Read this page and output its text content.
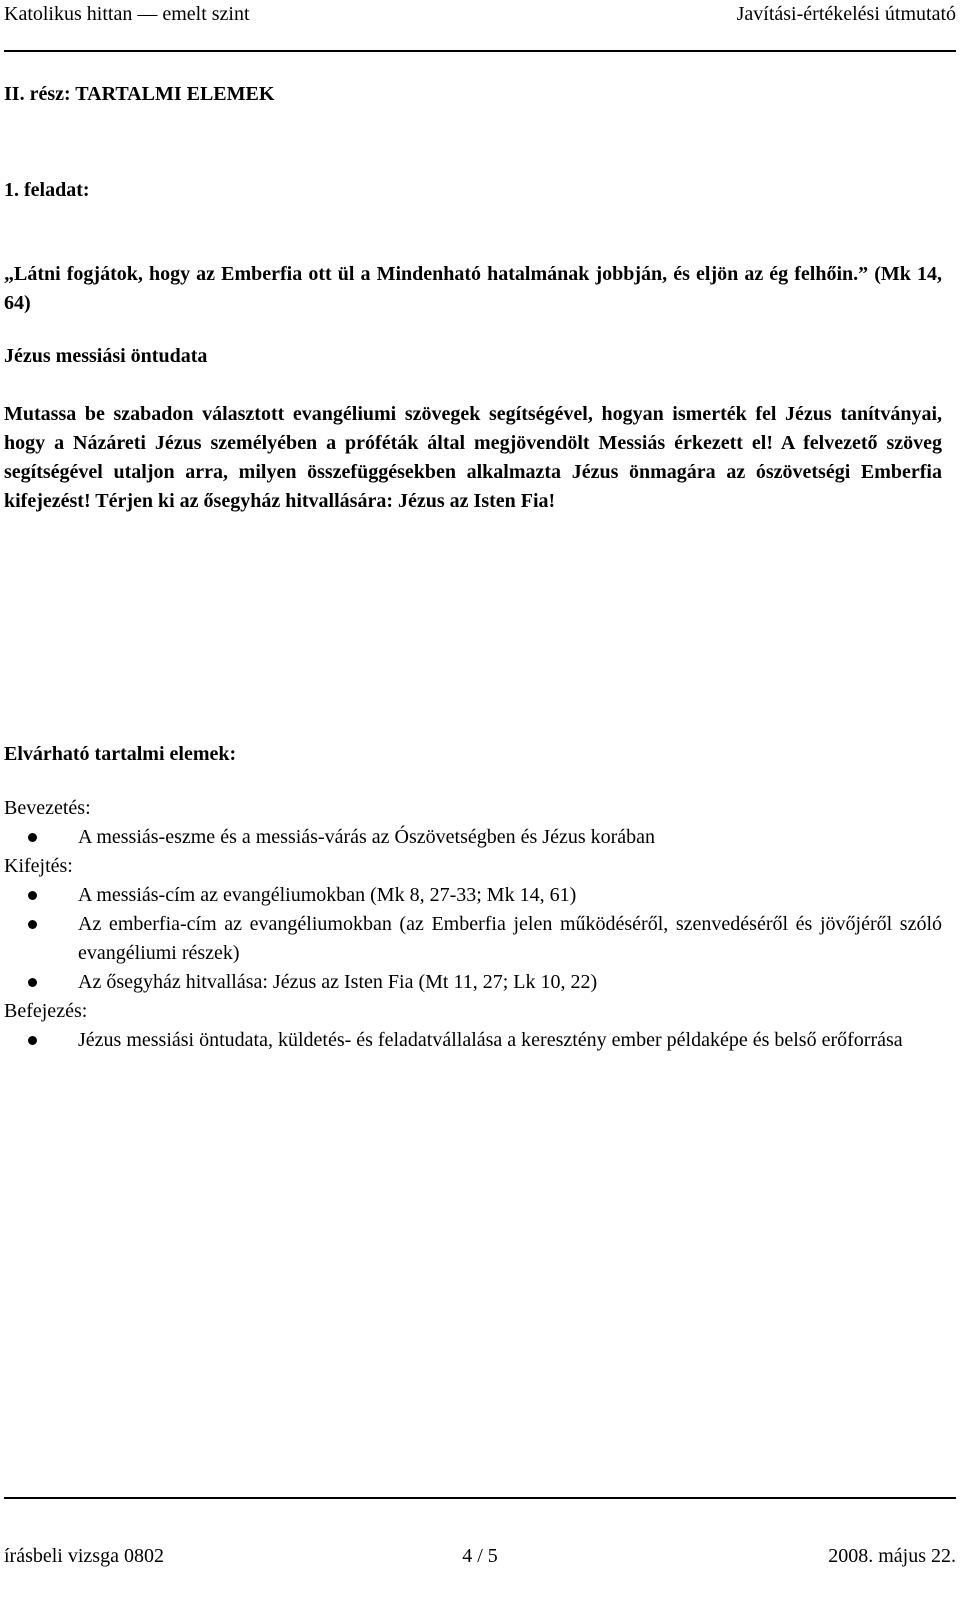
Katolikus hittan — emelt szint	Javítási-értékelési útmutató

II. rész: TARTALMI ELEMEK

1. feladat:

„Látni fogjátok, hogy az Emberfia ott ül a Mindenható hatalmának jobbján, és eljön az ég felhőin.” (Mk 14, 64)

Jézus messiási öntudata

Mutassa be szabadon választott evangéliumi szövegek segítségével, hogyan ismerték fel Jézus tanítványai, hogy a Názáreti Jézus személyében a próféták által megjövendölt Messiás érkezett el! A felvezető szöveg segítségével utaljon arra, milyen összefüggésekben alkalmazta Jézus önmagára az ószövetségi Emberfia kifejezést! Térjen ki az ősegyház hitvallására: Jézus az Isten Fia!

Elvárható tartalmi elemek:

Bevezetés:
A messiás-eszme és a messiás-várás az Ószövetségben és Jézus korában
Kifejtés:
A messiás-cím az evangéliumokban (Mk 8, 27-33; Mk 14, 61)
Az emberfia-cím az evangéliumokban (az Emberfia jelen működéséről, szenvedéséről és jövőjéről szóló evangéliumi részek)
Az ősegyház hitvallása: Jézus az Isten Fia (Mt 11, 27; Lk 10, 22)
Befejezés:
Jézus messiási öntudata, küldetés- és feladatvállalása a keresztény ember példaképe és belső erőforrása
írásbeli vizsga 0802	4 / 5	2008. május 22.
